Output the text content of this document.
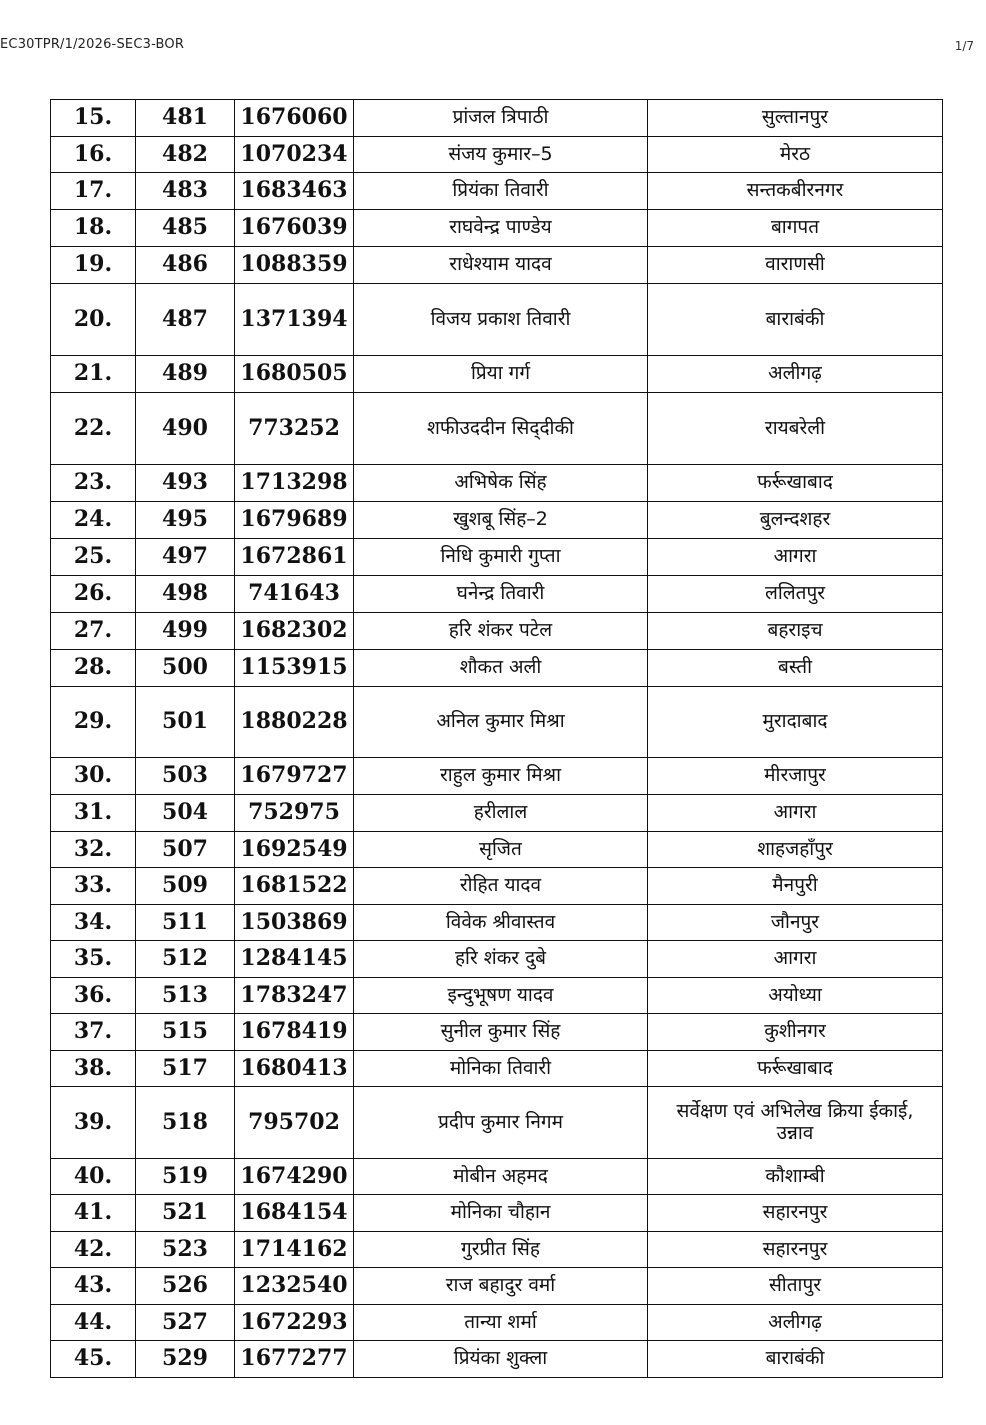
EC30TPR/1/2026-SEC3-BOR	1/7
15.	481	1676060	प्रांजल त्रिपाठी	सुल्तानपुर
16.	482	1070234	संजय कुमार–5	मेरठ
17.	483	1683463	प्रियंका तिवारी	सन्तकबीरनगर
18.	485	1676039	राघवेन्द्र पाण्डेय	बागपत
19.	486	1088359	राधेश्याम यादव	वाराणसी
20.	487	1371394	विजय प्रकाश तिवारी	बाराबंकी
21.	489	1680505	प्रिया गर्ग	अलीगढ़
22.	490	773252	शफीउददीन सिद्‌दीकी	रायबरेली
23.	493	1713298	अभिषेक सिंह	फर्रूखाबाद
24.	495	1679689	खुशबू सिंह–2	बुलन्दशहर
25.	497	1672861	निधि कुमारी गुप्ता	आगरा
26.	498	741643	घनेन्द्र तिवारी	ललितपुर
27.	499	1682302	हरि शंकर पटेल	बहराइच
28.	500	1153915	शौकत अली	बस्ती
29.	501	1880228	अनिल कुमार मिश्रा	मुरादाबाद
30.	503	1679727	राहुल कुमार मिश्रा	मीरजापुर
31.	504	752975	हरीलाल	आगरा
32.	507	1692549	सृजित	शाहजहाँपुर
33.	509	1681522	रोहित यादव	मैनपुरी
34.	511	1503869	विवेक श्रीवास्तव	जौनपुर
35.	512	1284145	हरि शंकर दुबे	आगरा
36.	513	1783247	इन्दुभूषण यादव	अयोध्या
37.	515	1678419	सुनील कुमार सिंह	कुशीनगर
38.	517	1680413	मोनिका तिवारी	फर्रूखाबाद
39.	518	795702	प्रदीप कुमार निगम	सर्वेक्षण एवं अभिलेख क्रिया ईकाई, उन्नाव
40.	519	1674290	मोबीन अहमद	कौशाम्बी
41.	521	1684154	मोनिका चौहान	सहारनपुर
42.	523	1714162	गुरप्रीत सिंह	सहारनपुर
43.	526	1232540	राज बहादुर वर्मा	सीतापुर
44.	527	1672293	तान्या शर्मा	अलीगढ़
45.	529	1677277	प्रियंका शुक्ला	बाराबंकी
